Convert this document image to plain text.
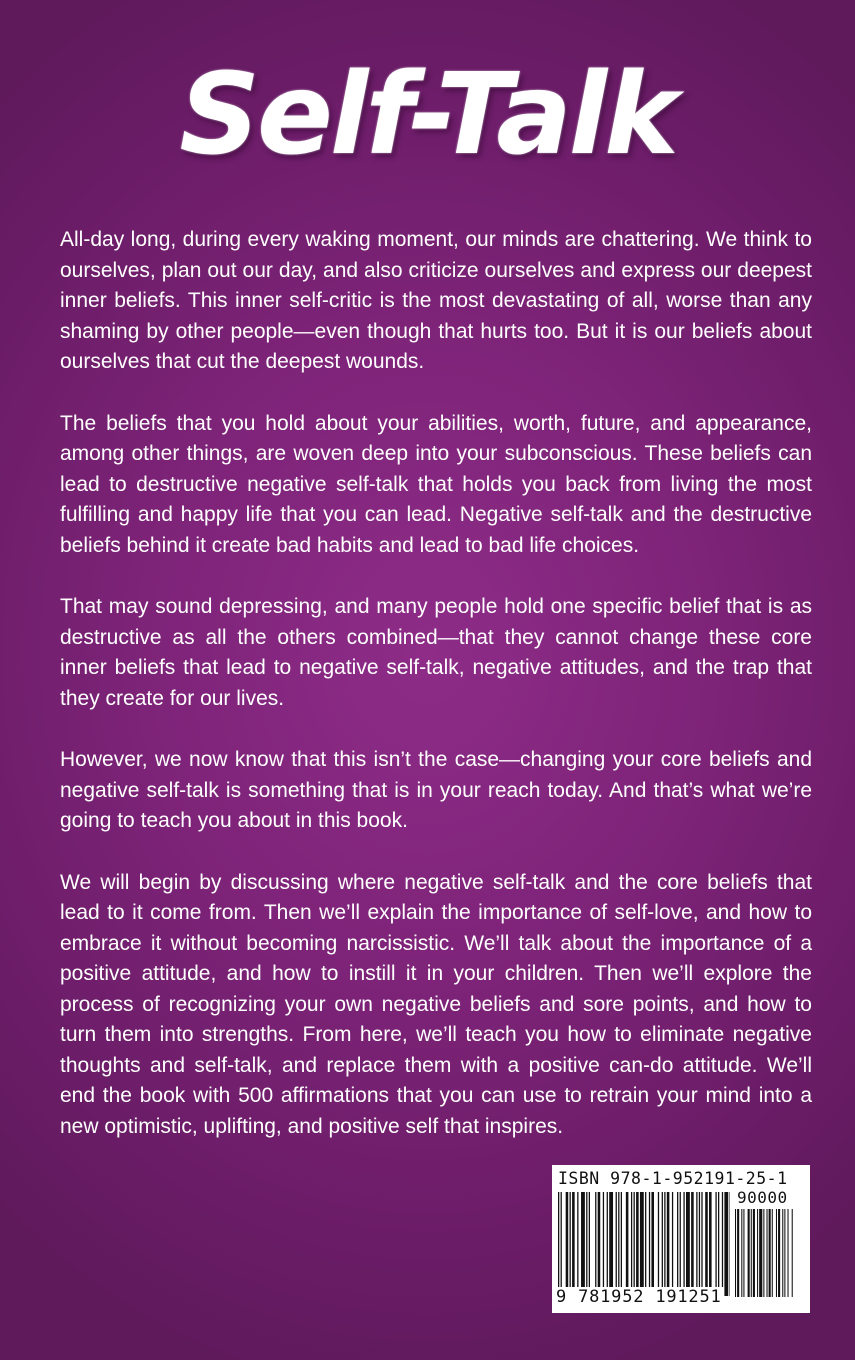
Self-Talk

All-day long, during every waking moment, our minds are chattering. We think to ourselves, plan out our day, and also criticize ourselves and express our deepest inner beliefs. This inner self-critic is the most devastating of all, worse than any shaming by other people—even though that hurts too. But it is our beliefs about ourselves that cut the deepest wounds.

The beliefs that you hold about your abilities, worth, future, and appearance, among other things, are woven deep into your subconscious. These beliefs can lead to destructive negative self-talk that holds you back from living the most fulfilling and happy life that you can lead. Negative self-talk and the destructive beliefs behind it create bad habits and lead to bad life choices.

That may sound depressing, and many people hold one specific belief that is as destructive as all the others combined—that they cannot change these core inner beliefs that lead to negative self-talk, negative attitudes, and the trap that they create for our lives.

However, we now know that this isn’t the case—changing your core beliefs and negative self-talk is something that is in your reach today. And that’s what we’re going to teach you about in this book.

We will begin by discussing where negative self-talk and the core beliefs that lead to it come from. Then we’ll explain the importance of self-love, and how to embrace it without becoming narcissistic. We’ll talk about the importance of a positive attitude, and how to instill it in your children. Then we’ll explore the process of recognizing your own negative beliefs and sore points, and how to turn them into strengths. From here, we’ll teach you how to eliminate negative thoughts and self-talk, and replace them with a positive can-do attitude. We’ll end the book with 500 affirmations that you can use to retrain your mind into a new optimistic, uplifting, and positive self that inspires.

ISBN 978-1-952191-25-1
90000
9 781952 191251
